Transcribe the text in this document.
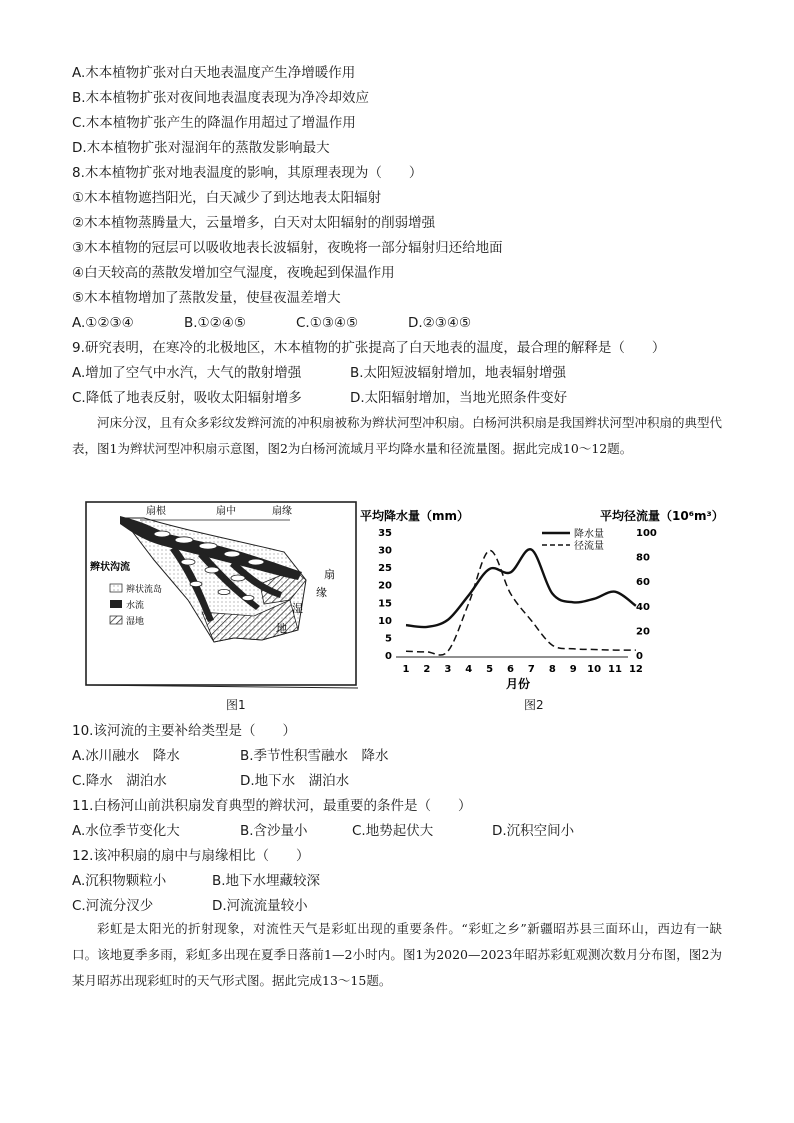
A.木本植物扩张对白天地表温度产生净增暖作用
B.木本植物扩张对夜间地表温度表现为净冷却效应
C.木本植物扩张产生的降温作用超过了增温作用
D.木本植物扩张对湿润年的蒸散发影响最大
8.木本植物扩张对地表温度的影响，其原理表现为（　　）
①木本植物遮挡阳光，白天减少了到达地表太阳辐射
②木本植物蒸腾量大，云量增多，白天对太阳辐射的削弱增强
③木本植物的冠层可以吸收地表长波辐射，夜晚将一部分辐射归还给地面
④白天较高的蒸散发增加空气湿度，夜晚起到保温作用
⑤木本植物增加了蒸散发量，使昼夜温差增大
A.①②③④	B.①②④⑤	C.①③④⑤	D.②③④⑤
9.研究表明，在寒冷的北极地区，木本植物的扩张提高了白天地表的温度，最合理的解释是（　　）
A.增加了空气中水汽，大气的散射增强	B.太阳短波辐射增加，地表辐射增强
C.降低了地表反射，吸收太阳辐射增多	D.太阳辐射增加，当地光照条件变好

河床分汊，且有众多彩纹发辫河流的冲积扇被称为辫状河型冲积扇。白杨河洪积扇是我国辫状河型冲积扇的典型代表，图1为辫状河型冲积扇示意图，图2为白杨河流域月平均降水量和径流量图。据此完成10～12题。

扇根	扇中	扇缘
辫状沟流
辫状流岛
水流
湿地
扇
缘
湿
地
图1
平均降水量（mm）	平均径流量（10⁶m³）
0
5
10
15
20
25
30
35
0
20
40
60
80
100
1 2 3 4 5 6 7 8 9 10 11 12
降水量
径流量
月份
图2
10.该河流的主要补给类型是（　　）
A.冰川融水　降水	B.季节性积雪融水　降水
C.降水　湖泊水	D.地下水　湖泊水
11.白杨河山前洪积扇发育典型的辫状河，最重要的条件是（　　）
A.水位季节变化大	B.含沙量小	C.地势起伏大	D.沉积空间小
12.该冲积扇的扇中与扇缘相比（　　）
A.沉积物颗粒小	B.地下水埋藏较深
C.河流分汊少	D.河流流量较小

彩虹是太阳光的折射现象，对流性天气是彩虹出现的重要条件。“彩虹之乡”新疆昭苏县三面环山，西边有一缺口。该地夏季多雨，彩虹多出现在夏季日落前1—2小时内。图1为2020—2023年昭苏彩虹观测次数月分布图，图2为某月昭苏出现彩虹时的天气形式图。据此完成13～15题。
